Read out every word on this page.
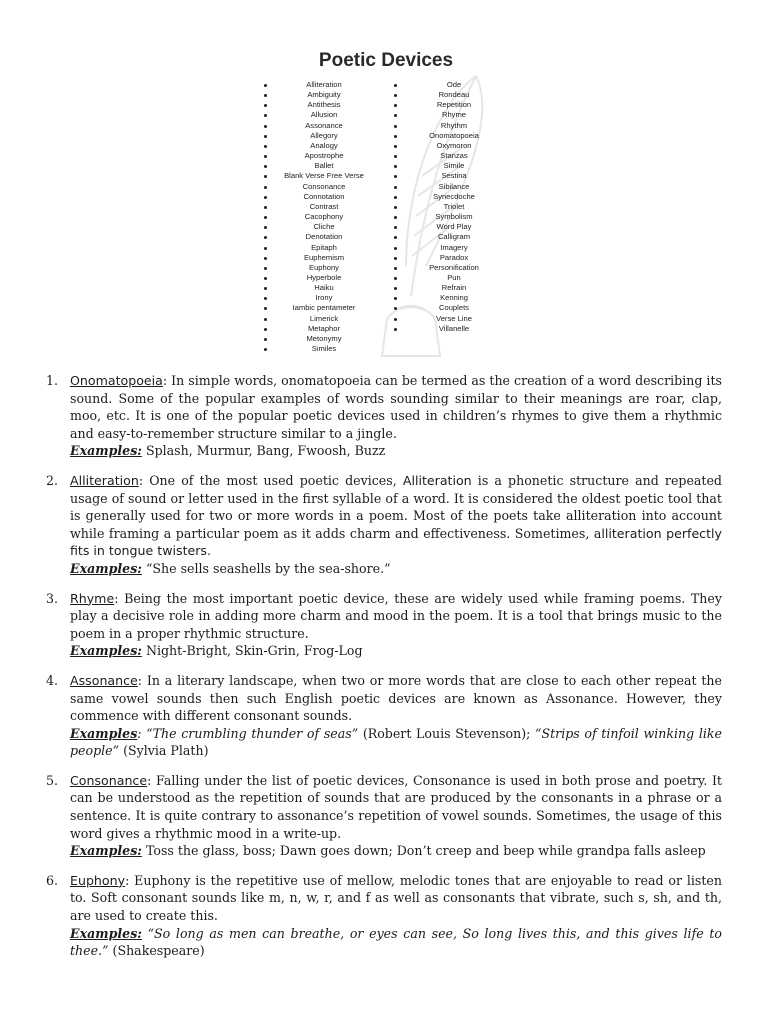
Poetic Devices
Alliteration
Ambiguity
Antithesis
Allusion
Assonance
Allegory
Analogy
Apostrophe
Ballet
Blank Verse Free Verse
Consonance
Connotation
Contrast
Cacophony
Cliche
Denotation
Epitaph
Euphemism
Euphony
Hyperbole
Haiku
Irony
Iambic pentameter
Limerick
Metaphor
Metonymy
Similes
Ode
Rondeau
Repetition
Rhyme
Rhythm
Onomatopoeia
Oxymoron
Stanzas
Simile
Sestina
Sibilance
Synecdoche
Triolet
Symbolism
Word Play
Calligram
Imagery
Paradox
Personification
Pun
Refrain
Kenning
Couplets
Verse Line
Villanelle
1. Onomatopoeia: In simple words, onomatopoeia can be termed as the creation of a word describing its sound. Some of the popular examples of words sounding similar to their meanings are roar, clap, moo, etc. It is one of the popular poetic devices used in children’s rhymes to give them a rhythmic and easy-to-remember structure similar to a jingle.

Examples: Splash, Murmur, Bang, Fwoosh, Buzz

2. Alliteration: One of the most used poetic devices, Alliteration is a phonetic structure and repeated usage of sound or letter used in the first syllable of a word. It is considered the oldest poetic tool that is generally used for two or more words in a poem. Most of the poets take alliteration into account while framing a particular poem as it adds charm and effectiveness. Sometimes, alliteration perfectly fits in tongue twisters.

Examples: “She sells seashells by the sea-shore.”

3. Rhyme: Being the most important poetic device, these are widely used while framing poems. They play a decisive role in adding more charm and mood in the poem. It is a tool that brings music to the poem in a proper rhythmic structure.

Examples: Night-Bright, Skin-Grin, Frog-Log

4. Assonance: In a literary landscape, when two or more words that are close to each other repeat the same vowel sounds then such English poetic devices are known as Assonance. However, they commence with different consonant sounds.

Examples: “The crumbling thunder of seas” (Robert Louis Stevenson); “Strips of tinfoil winking like people” (Sylvia Plath)

5. Consonance: Falling under the list of poetic devices, Consonance is used in both prose and poetry. It can be understood as the repetition of sounds that are produced by the consonants in a phrase or a sentence. It is quite contrary to assonance’s repetition of vowel sounds. Sometimes, the usage of this word gives a rhythmic mood in a write-up.

Examples: Toss the glass, boss; Dawn goes down; Don’t creep and beep while grandpa falls asleep

6. Euphony: Euphony is the repetitive use of mellow, melodic tones that are enjoyable to read or listen to. Soft consonant sounds like m, n, w, r, and f as well as consonants that vibrate, such s, sh, and th, are used to create this.

Examples: “So long as men can breathe, or eyes can see, So long lives this, and this gives life to thee.” (Shakespeare)
